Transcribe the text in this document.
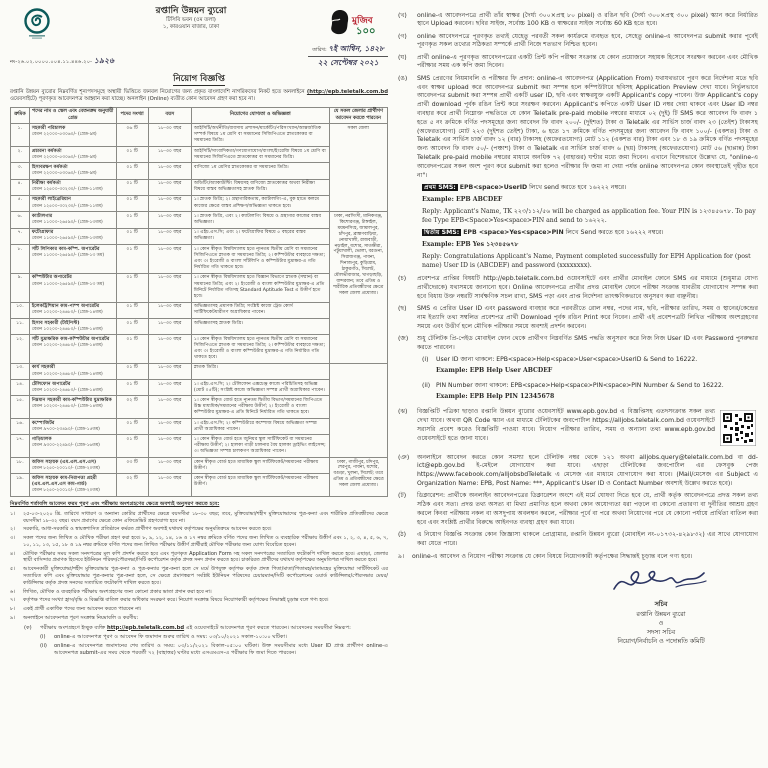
রপ্তানি উন্নয়ন ব্যুরো
টিসিবি ভবন (৫ম তলা)
১, কারওয়ান বাজার, ঢাকা
মুজিব
১০০
নং-২৬.০২.০০০০.০০৪.১১.৪৪৬.২০- ১৯২৬
তারিখ: ৭ই আশ্বিন, ১৪২৮
২২ সেপ্টেম্বর ২০২১
নিয়োগ বিজ্ঞপ্তি
রপ্তানি উন্নয়ন ব্যুরোর নিম্নবর্ণিত শূন্যপদসমূহে অস্থায়ী ভিত্তিতে জনবল নিয়োগের জন্য প্রকৃত বাংলাদেশি নাগরিকদের নিকট হতে অনলাইনে (http://epb.teletalk.com.bd ওয়েবসাইটে) পূরণকৃত আবেদনপত্র আহ্বান করা যাচ্ছে। অনলাইন (Online) ব্যতীত কোন আবেদন গ্রহণ করা হবে না।
ক্রমিক	পদের নাম ও স্কেল এবং বেতনক্রম অনুযায়ী গ্রেড	পদের সংখ্যা	বয়স	নিয়োগের যোগ্যতা ও অভিজ্ঞতা	যে সকল জেলার প্রার্থীগণ আবেদন করতে পারবেন
১.	সহকারী পরিচালক
বেতন ২২০০০-৫৩০৬০/- (গ্রেড-৯ম)	০৬ টি	১৮-৩০ বছর	আইসিটি/অর্থনীতি/ব্যবসায় প্রশাসন/মার্কেটিং/পরিসংখ্যান/আন্তর্জাতিক সম্পর্ক বিষয়ে ১ম শ্রেণি বা সমমানের সিজিপিএতে স্নাতকোত্তর বা সমমানের ডিগ্রি।	সকল জেলা
২.	প্রচারনা কর্মকর্তা
বেতন ২২০০০-৫৩০৬০/- (গ্রেড-৯ম)	০১ টি	১৮-৩০ বছর	আইসিটি/সাংবাদিকতা/গণযোগাযোগ/বাংলা/ইংরেজি বিষয়ে ১ম শ্রেণি বা সমমানের সিজিপিএতে স্নাতকোত্তর বা সমমানের ডিগ্রি।	
৩.	হিসাবরক্ষণ কর্মকর্তা
বেতন ২২০০০-৫৩০৬০/- (গ্রেড-৯ম)	০১ টি	১৮-৩০ বছর	বাণিজ্যে ১ম শ্রেণির স্নাতকোত্তর বা সমমানের ডিগ্রি।	
৪.	নিরীক্ষা কর্মকর্তা
বেতন ১২৫০০-৩০২৩০/- (গ্রেড-১১তম)	০১ টি	১৮-৩০ বছর	অডিটিং/অ্যাকাউন্টিং বিষয়সহ বাণিজ্যে স্নাতকোত্তর অথবা নিরীক্ষা বিষয়ে বাস্তব অভিজ্ঞতাসহ স্নাতক ডিগ্রি।	
৫.	সহকারী লাইব্রেরিয়ান
বেতন ১২৫০০-৩০২৩০/- (গ্রেড-১১তম)	০১ টি	১৮-৩০ বছর	১। স্নাতক ডিগ্রি; ২। গ্রন্থাগারিকতায়, ক্যাটালগিং-এ, বুক হাতে কলমে কাজের ক্ষেত্রে বাস্তব প্রশিক্ষণ/অভিজ্ঞতা থাকতে হবে।	
৬.	ক্যাটালগার
বেতন ১১০০০-২৬৫৯০/- (গ্রেড-১৩তম)	০১ টি	১৮-৩০ বছর	১। স্নাতক ডিগ্রি, এবং ২। ক্যাটালগিং বিষয়ে ও গ্রন্থাগার কাজের বাস্তব অভিজ্ঞতা।	ঢাকা, নরসিংদী, মানিকগঞ্জ, কিশোরগঞ্জ, টাঙ্গাইল, ময়মনসিংহ, জামালপুর, চাঁদপুর, ব্রাহ্মণবাড়িয়া, নোয়াখালী, রাজবাড়ী, নড়াইল, যশোর, সাতক্ষীরা, পটুয়াখালী, ভোলা, বরগুনা, সিরাজগঞ্জ, পাবনা, দিনাজপুর, কুড়িগ্রাম, ঠাকুরগাঁও, সিলেট, মৌলভীবাজার, খাগড়াছড়ি, বান্দরবান; তবে এতিম ও শারীরিক প্রতিবন্ধীদের ক্ষেত্রে সকল জেলা প্রযোজ্য।
৭.	ফটোগ্রাফার
বেতন ১১০০০-২৬৫৯০/- (গ্রেড-১৩তম)	০১ টি	১৮-৩০ বছর	১। এইচ.এস.সি; এবং ২। ফটোগ্রাফির বিষয়ে ৫ বছরের বাস্তব অভিজ্ঞতা।	
৮.	সাঁট লিপিকার কাম-কম্পি. অপারেটর
বেতন ১১০০০-২৬৫৯০/- (গ্রেড-১৩ তম)	০১ টি	১৮-৩০ বছর	১। কোন স্বীকৃত বিশ্ববিদ্যালয় হতে ন্যূনতম দ্বিতীয় শ্রেণি বা সমমানের সিজিপিএতে স্নাতক বা সমমানের ডিগ্রি; ২। কম্পিউটার ব্যবহারে দক্ষতা; এবং ৩। ইংরেজী ও বাংলা সাঁটলিপি ও কম্পিউটার মুদ্রাক্ষর-এ গতি নির্ধারিত গতি থাকতে হবে।	
৯.	কম্পিউটার অপারেটর
বেতন ১১০০০-২৬৫৯০/- (গ্রেড-১৩ তম)	০১ টি	১৮-৩০ বছর	১। কোন স্বীকৃত বিশ্ববিদ্যালয় হতে বিজ্ঞান বিভাগে স্নাতক (সম্মান) বা সমমানের ডিগ্রি; এবং ২। ইংরেজী ও বাংলা কম্পিউটার মুদ্রাক্ষর-এ প্রতি মিনিটে নির্ধারিত গতিসহ Standard Aptitude Test এ উত্তীর্ণ হতে হবে।	
১০.	ইলেকট্রিশিয়ান কাম-পাম্প অপারেটর
বেতন ১০২০০-২৪৬৮০/- (গ্রেড-১৪তম)	০১ টি	১৮-৩০ বছর	অভিজ্ঞতাসহ প্রমাণক ডিগ্রি; সংশ্লিষ্ট কাজে ট্রেড কোর্স সার্টিফিকেটধারীগণ অগ্রাধিকার পাবেন।	
১১.	হিসাব সহকারী (টাইপিস্ট)
বেতন ১০২০০-২৪৬৮০/- (গ্রেড-১৪তম)	০১ টি	১৮-৩০ বছর	অভিজ্ঞতাসহ স্নাতক ডিগ্রি।	
১২.	সাঁট মুদ্রাক্ষরিক কাম-কম্পিউটার অপারেটর
বেতন ১০২০০-২৪৬৮০/- (গ্রেড-১৪তম)	০১ টি	১৮-৩০ বছর	১। কোন স্বীকৃত বিশ্ববিদ্যালয় হতে ন্যূনতম দ্বিতীয় শ্রেণি বা সমমানের সিজিপিএতে স্নাতক বা সমমানের ডিগ্রি; ২। কম্পিউটার ব্যবহারে দক্ষতা; এবং ৩। ইংরেজী ও বাংলা কম্পিউটার মুদ্রাক্ষর-এ গতি নির্ধারিত গতি থাকতে হবে।	
১৩.	কার্য সহকারী
বেতন ১০২০০-২৪৬৮০/- (গ্রেড-১৪তম)	০১ টি	১৮-৩০ বছর	স্নাতক ডিগ্রি।	
১৪.	টেলিফোন অপারেটর
বেতন ১০২০০-২৪৬৮০/- (গ্রেড-১৪তম)	০১ টি	১৮-৩০ বছর	১। এইচ.এস.সি; ২। টেলিফোন এক্সচেঞ্জ কাজে পরিচিতিসহ অভিজ্ঞ (মোট ০৫টি); সংশ্লিষ্ট কাজে অভিজ্ঞতা সম্পন্ন প্রার্থী অগ্রাধিকার পাবেন।	
১৫.	নিম্নমান সহকারী কাম-কম্পিউটার মুদ্রাক্ষরিক
বেতন ১০২০০-২৪৬৮০/- (গ্রেড-১৪তম)	০২ টি	১৮-৩০ বছর	১। কোন স্বীকৃত বোর্ড হতে ন্যূনতম দ্বিতীয় বিভাগ/সমমানের জিপিএতে উচ্চ মাধ্যমিক/সমমানের পরীক্ষায় উত্তীর্ণ; ২। ইংরেজী ও বাংলা কম্পিউটার মুদ্রাক্ষর-এ প্রতি মিনিটে নির্ধারিত গতি থাকতে হবে।	
১৬.	কম্পোজিটর
বেতন ৯৭০০-২৩৪৯০/- (গ্রেড-১৫তম)	০১ টি	১৮-৩০ বছর	১। এইচ.এস.সি; ২। কম্পিউটারে কম্পোজ বিষয়ে অভিজ্ঞতা সম্পন্ন প্রার্থী অগ্রাধিকার পাবেন।	
১৭.	গাড়িচালক
বেতন ৯৩০০-২২৪৯০/- (গ্রেড-১৬তম)	০১ টি	১৮-৩০ বছর	১। কোন স্বীকৃত বোর্ড হতে জুনিয়র স্কুল সার্টিফিকেট বা সমমানের পরীক্ষায় উত্তীর্ণ; ২। হালকা গাড়ী চালনার বৈধ হালকা ড্রাইভিং লাইসেন্স; ৩। অভিজ্ঞতা সম্পন্ন চালকগণ অগ্রাধিকার পাবেন।	
১৮.	অফিস সহায়ক (এম.এল.এস.এস)
বেতন ৮২৫০-২০০১০/- (গ্রেড-২০তম)	০৩ টি	১৮-৩০ বছর	কোন স্বীকৃত বোর্ড হতে মাধ্যমিক স্কুল সার্টিফিকেট/সমমানের পরীক্ষায় উত্তীর্ণ।	ঢাকা, গাজীপুর, চাঁদপুর, শেরপুর, পাবনা, যশোর, বগুড়া, খুলনা, সিলেট; তবে এতিম ও প্রতিবন্ধীদের ক্ষেত্রে সকল জেলা প্রযোজ্য।
১৯.	অফিস সহায়ক কাম-নিরাপত্তা প্রহরী (এম.এল.এস.এস কাম-গার্ড)
বেতন ৮২৫০-২০০১০/- (গ্রেড-২০তম)	০২ টি	১৮-৩০ বছর	কোন স্বীকৃত বোর্ড হতে মাধ্যমিক স্কুল সার্টিফিকেট/সমমানের পরীক্ষায় উত্তীর্ণ।	
নিম্নবর্ণিত শর্তাবলি আবেদন ফরম পূরণ এবং পরীক্ষায় অংশগ্রহণের ক্ষেত্রে অবশ্যই অনুসরণ করতে হবে:
১।	২৫-০৩-২০২০ খ্রি. তারিখে সাধারণ ও অন্যান্য কোটার প্রার্থীদের ক্ষেত্রে বয়সসীমা ১৮-৩০ বছর; তবে, মুক্তিযোদ্ধা/শহীদ মুক্তিযোদ্ধাদের পুত্র-কন্যা এবং শারীরিক প্রতিবন্ধীদের ক্ষেত্রে বয়সসীমা ১৮-৩২ বছর। বয়স প্রমাণের ক্ষেত্রে কোন এফিডেভিট গ্রহণযোগ্য হবে না।
২।	সরকারি, আধা-সরকারি ও স্বায়ত্তশাসিত প্রতিষ্ঠানে কর্মরত প্রার্থীগণ অবশ্যই যথাযথ কর্তৃপক্ষের অনুমতিক্রমে আবেদন করতে হবে।
৩।	সকল পদের জন্য লিখিত ও মৌখিক পরীক্ষা গ্রহণ করা হবে। ৮, ৯, ১২, ১৪, ১৬ ও ১৭ নম্বর ক্রমিকে বর্ণিত পদের জন্য লিখিত ও ব্যবহারিক পরীক্ষায় উত্তীর্ণ এবং ১, ২, ৩, ৪, ৫, ৬, ৭, ১০, ১১, ১৩, ১৫, ১৮ ও ১৯ নম্বর ক্রমিকে বর্ণিত পদের জন্য লিখিত পরীক্ষায় উত্তীর্ণ প্রার্থীরাই মৌখিক পরীক্ষার জন্য যোগ্য বিবেচিত হবেন।
৪।	মৌখিক পরীক্ষার সময় সকল সনদপত্রের মূল কপি প্রদর্শন করতে হবে এবং পূরণকৃত Application Form সহ সকল সনদপত্রের সত্যায়িত ফটোকপি দাখিল করতে হবে। এছাড়া, জেলার স্থায়ী বাসিন্দার প্রমাণক হিসেবে ইউনিয়ন পরিষদ/পৌরসভা/সিটি কর্পোরেশন কর্তৃক প্রদত্ত সনদ প্রদান করতে হবে। চাকরিরত প্রার্থীদের যথাযথ কর্তৃপক্ষের অনুমতিপত্র দাখিল করতে হবে।
৫।	আবেদনকারী মুক্তিযোদ্ধা/শহীদ মুক্তিযোদ্ধার পুত্র-কন্যা ও পুত্র-কন্যার পুত্র-কন্যা হলে সে মর্মে উপযুক্ত কর্তৃপক্ষ কর্তৃক প্রদত্ত পিতা/মাতা/পিতামহ/মাতামহের মুক্তিযোদ্ধা সার্টিফিকেট এর সত্যায়িত কপি এবং মুক্তিযোদ্ধার পুত্র-কন্যার পুত্র-কন্যা হলে, সে ক্ষেত্রে প্রমাণস্বরূপ সংশ্লিষ্ট ইউনিয়ন পরিষদের চেয়ারম্যান/সিটি কর্পোরেশনের ওয়ার্ড কাউন্সিলর/পৌরসভার মেয়র/কাউন্সিলর কর্তৃক প্রদত্ত সনদের সত্যায়িত ফটোকপি দাখিল করতে হবে।
৬।	লিখিত, মৌখিক ও ব্যবহারিক পরীক্ষায় অংশগ্রহণের জন্য কোনো প্রকার ভাতা প্রদান করা হবে না।
৭।	কর্তৃপক্ষ পদের সংখ্যা হ্রাস/বৃদ্ধি ও বিজ্ঞপ্তি বাতিল করার অধিকার সংরক্ষণ করে। নিয়োগ সংক্রান্ত বিষয়ে নিয়োগকারী কর্তৃপক্ষের সিদ্ধান্তই চূড়ান্ত বলে গণ্য হবে।
৮।	একই প্রার্থী একাধিক পদের জন্য আবেদন করতে পারবেন না।
৯।	অনলাইনে আবেদনপত্র পূরণ সংক্রান্ত নিয়মাবলি ও করণীয়:
(ক)	পরীক্ষায় অংশগ্রহণে ইচ্ছুক ব্যক্তি http://epb.teletalk.com.bd এই ওয়েবসাইটে আবেদনপত্র পূরণ করতে পারবেন। আবেদনের সময়সীমা নিম্নরূপ:
(i)	online-এ আবেদনপত্র পূরণ ও আবেদন ফি জমাদান শুরুর তারিখ ও সময়: ০৩/১০/২০২১ সকাল-১০:০০ ঘটিকা।
(ii)	online-এ আবেদনপত্র জমাদানের শেষ তারিখ ও সময়: ০৩/১১/২০২১ বিকাল-০৫:০০ ঘটিকা। উক্ত সময়সীমার মধ্যে User ID প্রাপ্ত প্রার্থীগণ online-এ আবেদনপত্র submit-এর সময় থেকে পরবর্তী ৭২ (বাহাত্তর) ঘণ্টার মধ্যে এসএমএস-এ পরীক্ষার ফি জমা দিতে পারবেন।
(খ)	online-এ আবেদনপত্রে প্রার্থী তাঁর স্বাক্ষর (দৈর্ঘ্য ৩০০×প্রস্থ ৮০ pixel) ও রঙিন ছবি (দৈর্ঘ্য ৩০০×প্রস্থ ৩০০ pixel) স্ক্যান করে নির্ধারিত স্থানে Upload করবেন। ছবির সাইজ, সর্বোচ্চ 100 KB ও স্বাক্ষরের সাইজ সর্বোচ্চ 60 KB হতে হবে।
(গ)	online আবেদনপত্রে পূরণকৃত তথ্যই যেহেতু পরবর্তী সকল কার্যক্রমে ব্যবহৃত হবে, সেহেতু online-এ আবেদনপত্র submit করার পূর্বেই পূরণকৃত সকল তথ্যের সঠিকতা সম্পর্কে প্রার্থী নিজে শতভাগ নিশ্চিত হবেন।
(ঘ)	প্রার্থী online-এ পূরণকৃত আবেদনপত্রের একটি প্রিন্ট কপি পরীক্ষা সংক্রান্ত যে কোন প্রয়োজনে সহায়ক হিসেবে সংরক্ষণ করবেন এবং মৌখিক পরীক্ষার সময় এক কপি জমা দিবেন।
(ঙ)	SMS প্রেরণের নিয়মাবলি ও পরীক্ষার ফি প্রদান: online-এ আবেদনপত্র (Application From) যথাযথভাবে পূরণ করে নির্দেশনা মতে ছবি এবং স্বাক্ষর upload করে আবেদনপত্র submit করা সম্পন্ন হলে কম্পিউটারে ছবিসহ Application Preview দেখা যাবে। নির্ভুলভাবে আবেদনপত্র submit করা সম্পন্ন প্রার্থী একটি user ID, ছবি এবং স্বাক্ষরযুক্ত একটি Applicant's copy পাবেন। উক্ত Applicant's copy প্রার্থী download পূর্বক রঙিন প্রিন্ট করে সংরক্ষণ করবেন। Applicant's কপিতে একটি User ID নম্বর দেয়া থাকবে এবং User ID নম্বর ব্যবহার করে প্রার্থী নিম্নোক্ত পদ্ধতিতে যে কোন Teletalk pre-paid mobile নম্বরের মাধ্যমে ০২ (দুই) টি SMS করে আবেদন ফি বাবদ ১ হতে ৫ নং ক্রমিকে বর্ণিত পদসমূহের জন্য আবেদন ফি বাবদ ২০০/- (দুইশত) টাকা ও Teletalk এর সার্ভিস চার্জ বাবদ ২৩ (তেইশ) টাকাসহ (অফেরতযোগ্য) মোট ২২৩ (দুইশত তেইশ) টাকা, ৬ হতে ১৭ ক্রমিকে বর্ণিত পদসমূহের জন্য আবেদন ফি বাবদ ১০০/- (একশত) টাকা ও Teletalk এর সার্ভিস চার্জ বাবদ ১২ (বার) টাকাসহ (অফেরতযোগ্য) মোট ১১২ (একশত বার) টাকা এবং ১৮ ও ১৯ ক্রমিকে বর্ণিত পদসমূহের জন্য আবেদন ফি বাবদ ৫০/- (পঞ্চাশ) টাকা ও Teletalk এর সার্ভিস চার্জ বাবদ ৬ (ছয়) টাকাসহ (অফেরতযোগ্য) মোট ৫৬ (ছাপ্পান্ন) টাকা Teletalk pre-paid mobile নম্বরের মাধ্যমে অনধিক ৭২ (বাহাত্তর) ঘণ্টার মধ্যে জমা দিবেন। এখানে বিশেষভাবে উল্লেখ্য যে, "online-এ আবেদনপত্রের সকল অংশ পূরণ করে submit করা হলেও পরীক্ষার ফি জমা না দেয়া পর্যন্ত online আবেদনপত্র কোন অবস্থাতেই গৃহীত হবে না"।
প্রথম SMS: EPB<space>UserID লিখে send করতে হবে ১৬২২২ নম্বরে।
Example: EPB ABCDEF
Reply: Applicant's Name, TK ২২৩/১১২/৫৬ will be charged as application fee. Your PIN is ১২৩৪৫৬৭৮. To pay fee Type EPB<Space>Yes<space>PIN and send to ১৬২২২.
দ্বিতীয় SMS: EPB <space>Yes<space>PIN লিখে Send করতে হবে ১৬২২২ নম্বরে।
Example: EPB Yes ১২৩৪৫৬৭৮
Reply: Congratulations Applicant's Name, Payment completed successfully for EPH Application for (post name) User ID is (ABCDEF) and password (xxxxxxxx).
(চ)	প্রবেশপত্র প্রাপ্তির বিষয়টি http://epb.teletalk.com.bd ওয়েবসাইটে এবং প্রার্থীর মোবাইল ফোনে SMS এর মাধ্যমে (শুধুমাত্র যোগ্য প্রার্থীদেরকে) যথাসময়ে জানানো হবে। Online আবেদনপত্রে প্রার্থীর প্রদত্ত মোবাইল ফোনে পরীক্ষা সংক্রান্ত যাবতীয় যোগাযোগ সম্পন্ন করা হবে বিধায় উক্ত নম্বরটি সার্বক্ষণিক সচল রাখা, SMS পড়া এবং প্রাপ্ত নির্দেশনা তাৎক্ষণিকভাবে অনুসরণ করা বাঞ্ছনীয়।
(ছ)	SMS এ প্রেরিত User ID এবং password ব্যবহার করে পরবর্তীতে রোল নম্বর, পদের নাম, ছবি, পরীক্ষার তারিখ, সময় ও স্থানের/কেন্দ্রের নাম ইত্যাদি তথ্য সম্বলিত প্রবেশপত্র প্রার্থী Download পূর্বক রঙিন Print করে নিবেন। প্রার্থী এই প্রবেশপত্রটি লিখিত পরীক্ষায় অংশগ্রহণের সময়ে এবং উত্তীর্ণ হলে মৌখিক পরীক্ষার সময়ে অবশ্যই প্রদর্শন করবেন।
(জ)	শুধু টেলিটক প্রি-পেইড মোবাইল ফোন থেকে প্রার্থীগণ নিম্নবর্ণিত SMS পদ্ধতি অনুসরণ করে নিজ নিজ User ID এবং Password পুনরুদ্ধার করতে পারবেন।
(i)	User ID জানা থাকলে: EPB<space>Help<space>User<space>UserID & Send to 16222.
Example: EPB Help User ABCDEF
(ii) PIN Number জানা থাকলে: EPB<space>Help<space>PIN<space>PIN Number & Send to 16222.
Example: EPB Help PIN 12345678
(ঝ)	বিজ্ঞপ্তিটি পত্রিকা ছাড়াও রপ্তানি উন্নয়ন ব্যুরোর ওয়েবসাইট www.epb.gov.bd এ বিজ্ঞপ্তিসহ এতদসংক্রান্ত সকল তথ্য দেখা যাবে। অথবা QR Code স্ক্যান এর মাধ্যমে টেলিটকের জবপোর্টাল https://alljobs.teletalk.com.bd ওয়েবসাইটে সরাসরি প্রবেশ করেও বিজ্ঞপ্তিটি পাওয়া যাবে। নিয়োগ পরীক্ষার তারিখ, সময় ও অন্যান্য তথ্য www.epb.gov.bd ওয়েবসাইটে হতে জানা যাবে।
(ঞ)	অনলাইনে আবেদন করতে কোন সমস্যা হলে টেলিটক নম্বর থেকে ১২১ অথবা alljobs.query@teletalk.com.bd বা dd-ict@epb.gov.bd ই-মেইলে যোগাযোগ করা যাবে। এছাড়া টেলিটকের জবপোর্টাল এর ফেসবুক পেজ https://www.facebook.com/alljobsbdTeletalk এ মেসেজ এর মাধ্যমে যোগাযোগ করা যাবে। (Mail/মেসেজ এর Subject এ Organization Name: EPB, Post Name: ***, Applicant's User ID ও Contact Number অবশ্যই উল্লেখ করতে হবে)।
(ট)	ডিক্লারেশন: প্রার্থীকে অনলাইন আবেদনপত্রের ডিক্লারেশন অংশে এই মর্মে ঘোষণা দিতে হবে যে, প্রার্থী কর্তৃক আবেদনপত্রে প্রদত্ত সকল তথ্য সঠিক এবং সত্য। প্রদত্ত তথ্য অসত্য বা মিথ্যা প্রমাণিত হলে অথবা কোন অযোগ্যতা ধরা পড়লে বা কোনো প্রতারণা বা দুর্নীতির আশ্রয় গ্রহণ করলে কিংবা পরীক্ষায় নকল বা অসদুপায় অবলম্বন করলে, পরীক্ষার পূর্বে বা পরে অথবা নিয়োগের পরে যে কোনো পর্যায়ে প্রার্থিতা বাতিল করা হবে এবং সংশ্লিষ্ট প্রার্থীর বিরুদ্ধে আইনগত ব্যবস্থা গ্রহণ করা যাবে।
(ঠ)	এ নিয়োগ বিজ্ঞপ্তি সংক্রান্ত কোন জিজ্ঞাসা থাকলে প্রোগ্রামার, রপ্তানি উন্নয়ন ব্যুরো (মোবাইল নং-০১৭৩২-৪২৯৮৩২) এর সাথে যোগাযোগ করা যেতে পারে।
৯।	online-এ আবেদন ও নিয়োগ পরীক্ষা সংক্রান্ত যে কোন বিষয়ে নিয়োগকারী কর্তৃপক্ষের সিদ্ধান্তই চূড়ান্ত বলে গণ্য হবে।
সচিব
রপ্তানি উন্নয়ন ব্যুরো
ও
সদস্য সচিব
নিয়োগ/নির্বাচনি ও পদোন্নতি কমিটি
